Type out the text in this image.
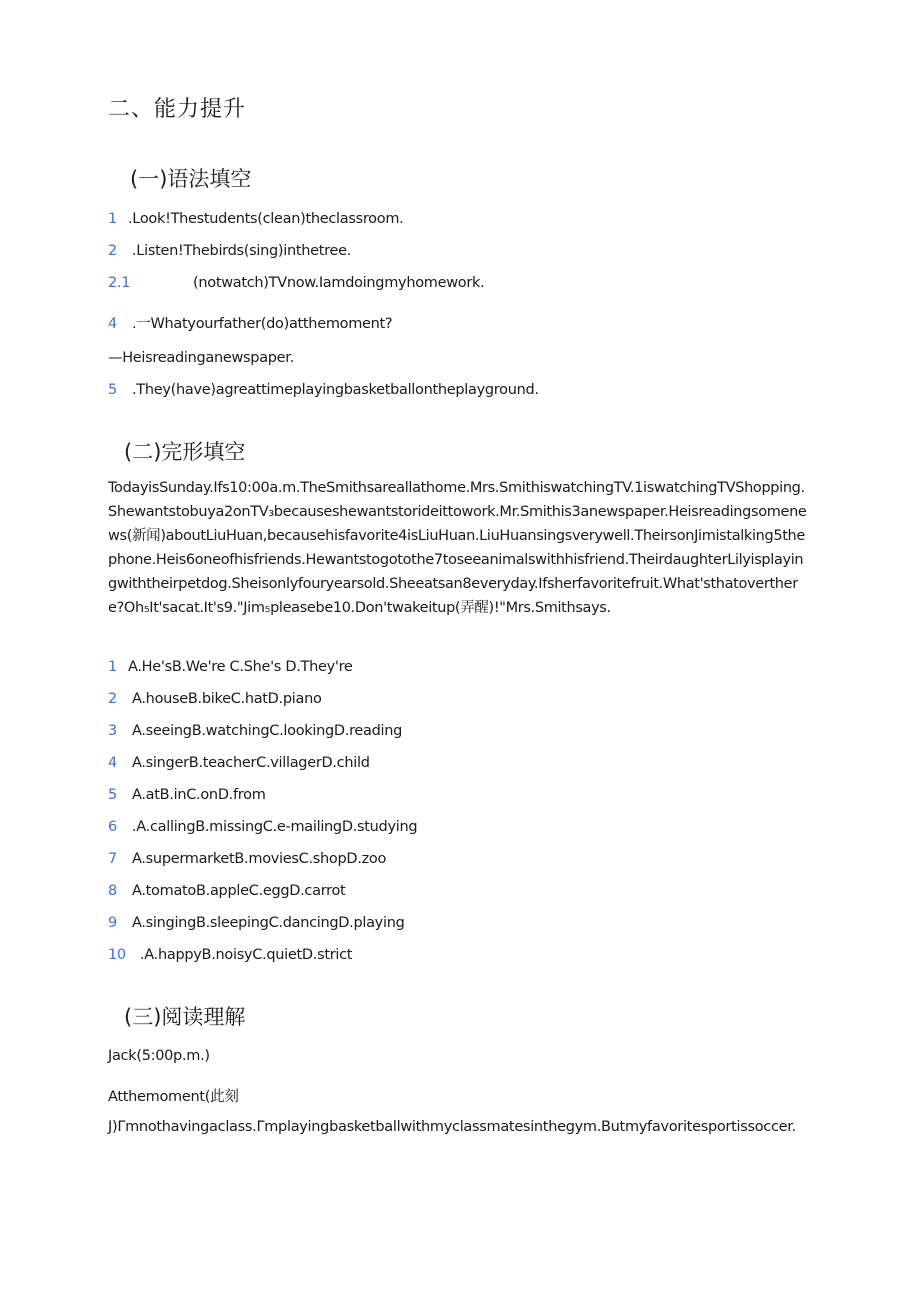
二、能力提升
(一)语法填空
1 .Look!Thestudents(clean)theclassroom.
2 .Listen!Thebirds(sing)inthetree.
2.1	(notwatch)TVnow.Iamdoingmyhomework.
4 .一Whatyourfather(do)atthemoment?
—Heisreadinganewspaper.
5 .They(have)agreattimeplayingbasketballontheplayground.
(二)完形填空
TodayisSunday.Ifs10:00a.m.TheSmithsareallathome.Mrs.SmithiswatchingTV.1iswatchingTVShopping.Shewantstobuya2onTV₃becauseshewantstorideittowork.Mr.Smithis3anewspaper.Heisreadingsomenews(新闻)aboutLiuHuan,becausehisfavorite4isLiuHuan.LiuHuansingsverywell.TheirsonJimistalking5thephone.Heis6oneofhisfriends.Hewantstogotothe7toseeanimalswithhisfriend.TheirdaughterLilyisplayingwiththeirpetdog.Sheisonlyfouryearsold.Sheeatsan8everyday.Ifsherfavoritefruit.What'sthatoverthere?Oh₅It'sacat.It's9."Jim₅pleasebe10.Don'twakeitup(弄醒)!"Mrs.Smithsays.
1 A.He'sB.We're C.She's D.They're
2 A.houseB.bikeC.hatD.piano
3 A.seeingB.watchingC.lookingD.reading
4 A.singerB.teacherC.villagerD.child
5 A.atB.inC.onD.from
6 .A.callingB.missingC.e-mailingD.studying
7 A.supermarketB.moviesC.shopD.zoo
8 A.tomatoB.appleC.eggD.carrot
9 A.singingB.sleepingC.dancingD.playing
10 .A.happyB.noisyC.quietD.strict
(三)阅读理解
Jack(5:00p.m.)
Atthemoment(此刻
J)Γmnothavingaclass.Γmplayingbasketballwithmyclassmatesinthegym.Butmyfavoritesportissoccer.
